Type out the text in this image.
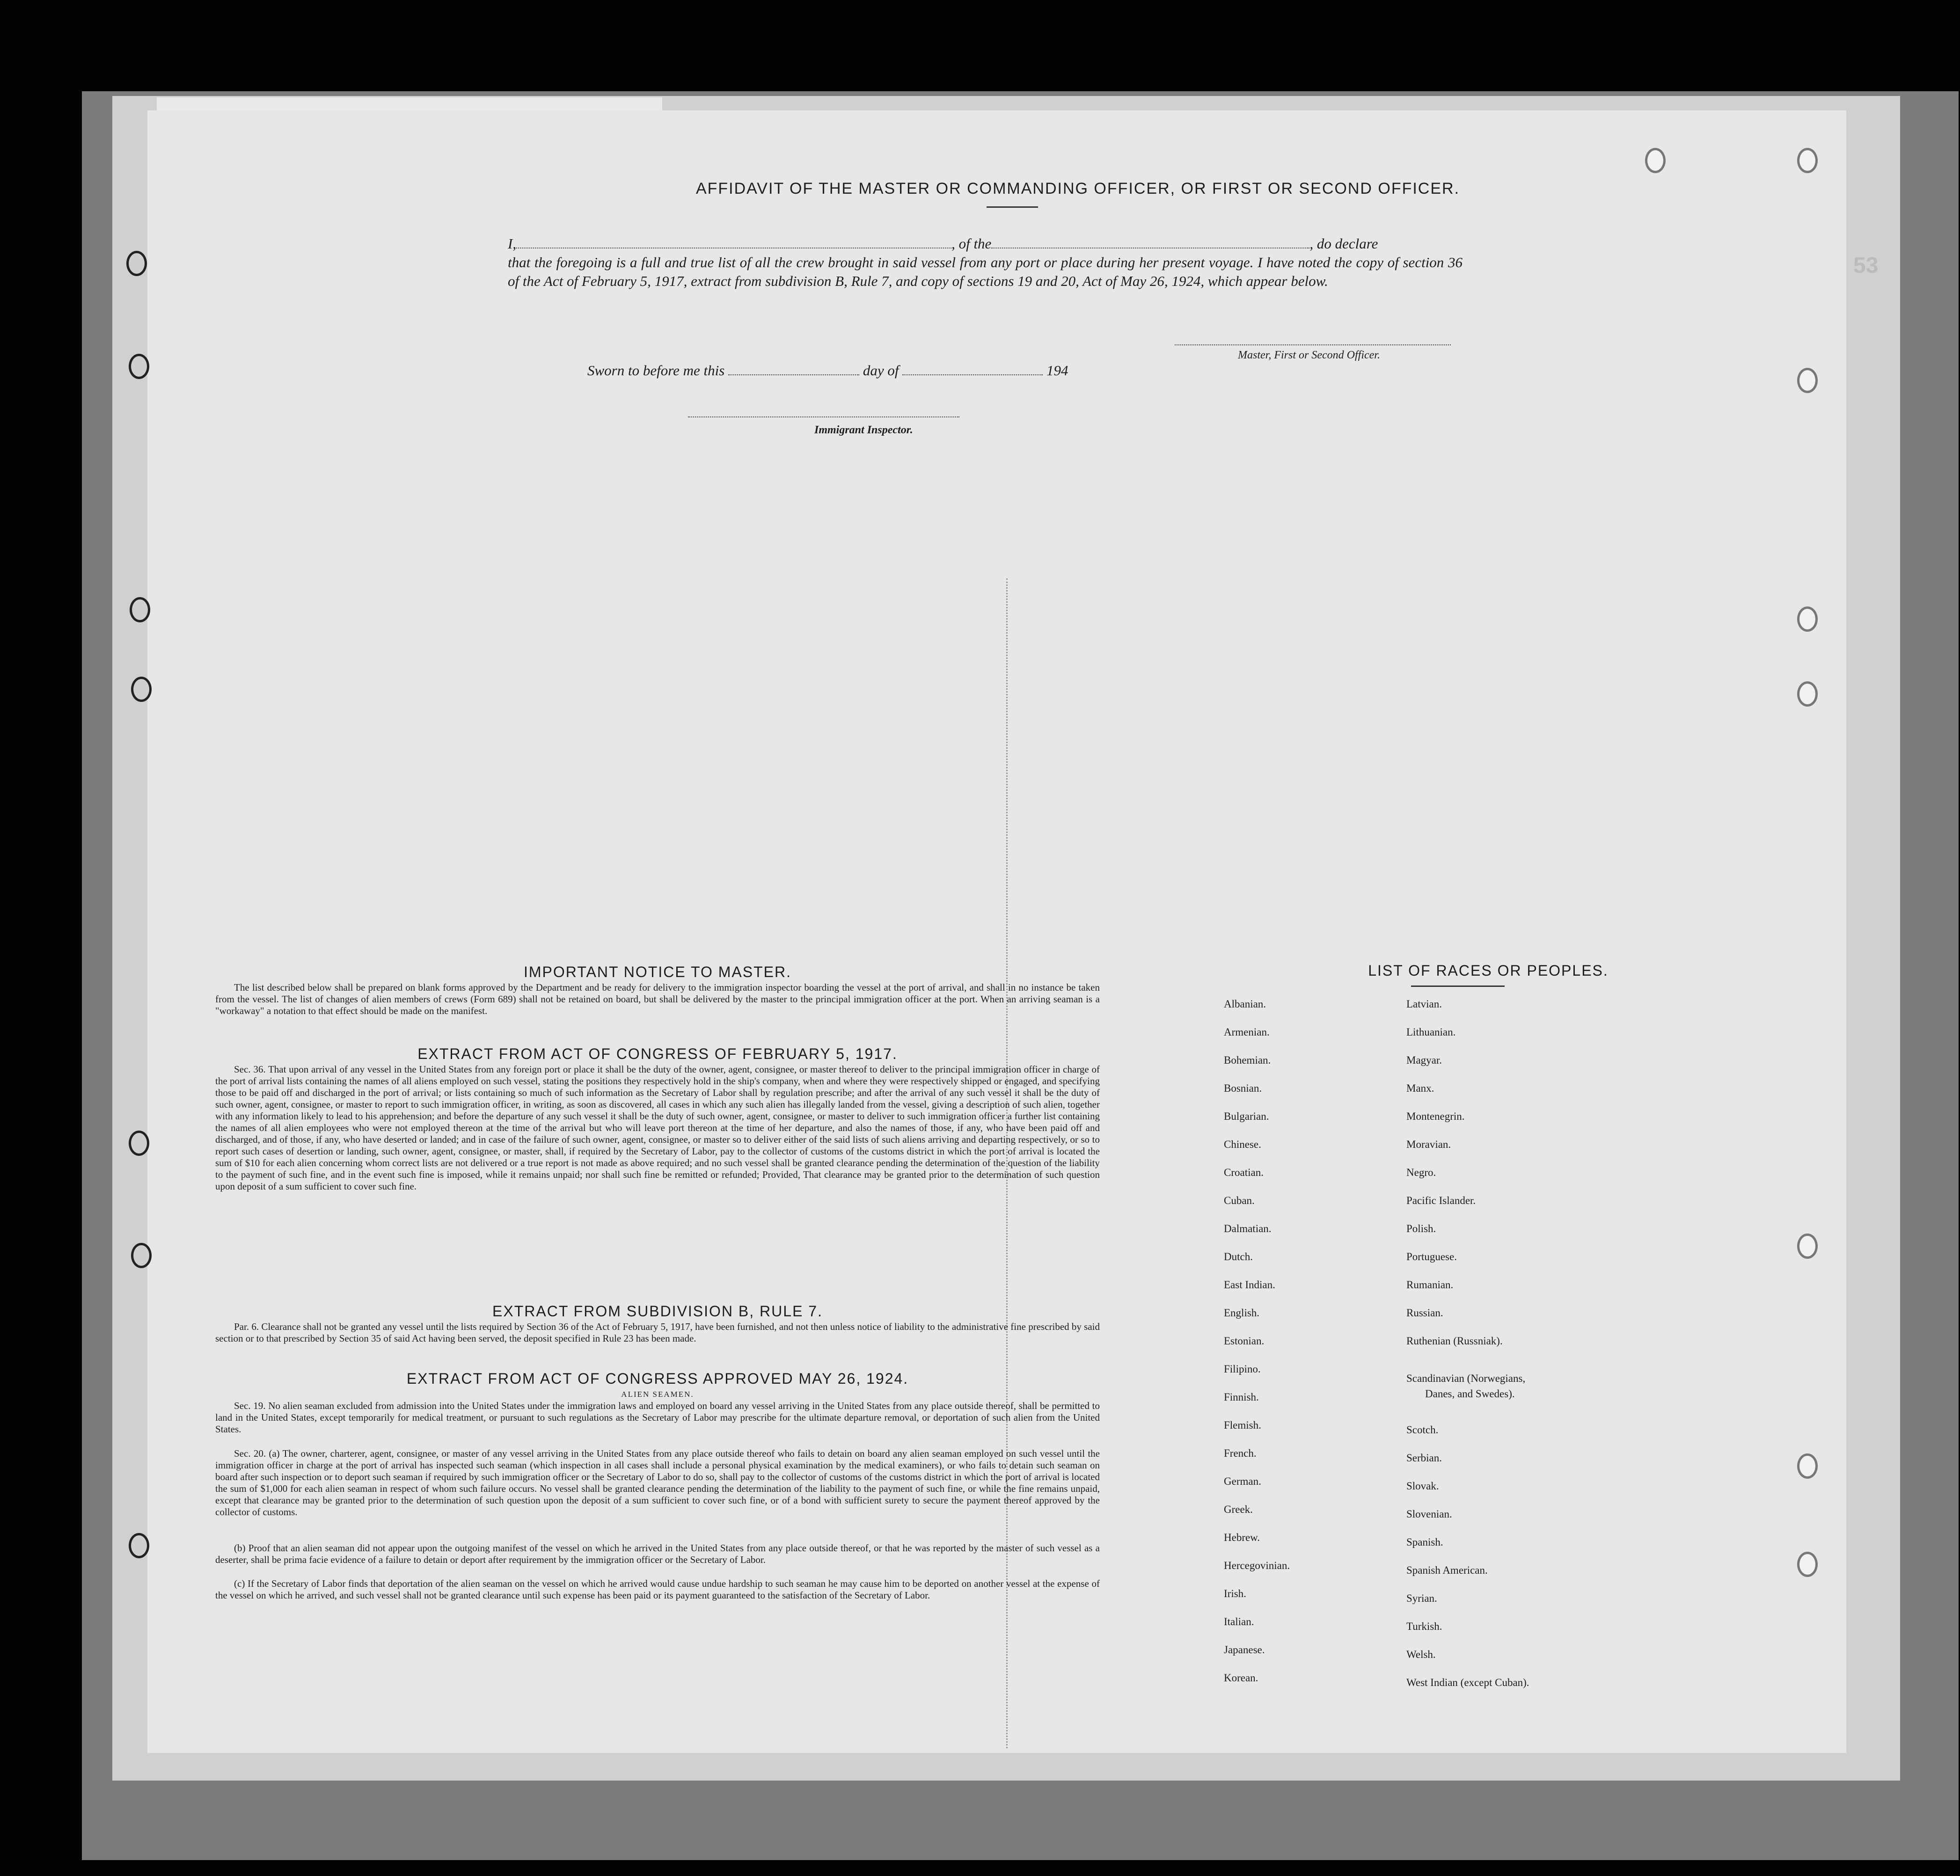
53
AFFIDAVIT OF THE MASTER OR COMMANDING OFFICER, OR FIRST OR SECOND OFFICER.
I,	, of the	, do declare
that the foregoing is a full and true list of all the crew brought in said vessel from any port or place during her present voyage. I have noted the copy of section 36 of the Act of February 5, 1917, extract from subdivision B, Rule 7, and copy of sections 19 and 20, Act of May 26, 1924, which appear below.
Master, First or Second Officer.
Sworn to before me this	day of	194
Immigrant Inspector.
IMPORTANT NOTICE TO MASTER.
The list described below shall be prepared on blank forms approved by the Department and be ready for delivery to the immigration inspector boarding the vessel at the port of arrival, and shall in no instance be taken from the vessel. The list of changes of alien members of crews (Form 689) shall not be retained on board, but shall be delivered by the master to the principal immigration officer at the port. When an arriving seaman is a "workaway" a notation to that effect should be made on the manifest.
EXTRACT FROM ACT OF CONGRESS OF FEBRUARY 5, 1917.
Sec. 36. That upon arrival of any vessel in the United States from any foreign port or place it shall be the duty of the owner, agent, consignee, or master thereof to deliver to the principal immigration officer in charge of the port of arrival lists containing the names of all aliens employed on such vessel, stating the positions they respectively hold in the ship's company, when and where they were respectively shipped or engaged, and specifying those to be paid off and discharged in the port of arrival; or lists containing so much of such information as the Secretary of Labor shall by regulation prescribe; and after the arrival of any such vessel it shall be the duty of such owner, agent, consignee, or master to report to such immigration officer, in writing, as soon as discovered, all cases in which any such alien has illegally landed from the vessel, giving a description of such alien, together with any information likely to lead to his apprehension; and before the departure of any such vessel it shall be the duty of such owner, agent, consignee, or master to deliver to such immigration officer a further list containing the names of all alien employees who were not employed thereon at the time of the arrival but who will leave port thereon at the time of her departure, and also the names of those, if any, who have been paid off and discharged, and of those, if any, who have deserted or landed; and in case of the failure of such owner, agent, consignee, or master so to deliver either of the said lists of such aliens arriving and departing respectively, or so to report such cases of desertion or landing, such owner, agent, consignee, or master, shall, if required by the Secretary of Labor, pay to the collector of customs of the customs district in which the port of arrival is located the sum of $10 for each alien concerning whom correct lists are not delivered or a true report is not made as above required; and no such vessel shall be granted clearance pending the determination of the question of the liability to the payment of such fine, and in the event such fine is imposed, while it remains unpaid; nor shall such fine be remitted or refunded; Provided, That clearance may be granted prior to the determination of such question upon deposit of a sum sufficient to cover such fine.
EXTRACT FROM SUBDIVISION B, RULE 7.
Par. 6. Clearance shall not be granted any vessel until the lists required by Section 36 of the Act of February 5, 1917, have been furnished, and not then unless notice of liability to the administrative fine prescribed by said section or to that prescribed by Section 35 of said Act having been served, the deposit specified in Rule 23 has been made.
EXTRACT FROM ACT OF CONGRESS APPROVED MAY 26, 1924.
ALIEN SEAMEN.
Sec. 19. No alien seaman excluded from admission into the United States under the immigration laws and employed on board any vessel arriving in the United States from any place outside thereof, shall be permitted to land in the United States, except temporarily for medical treatment, or pursuant to such regulations as the Secretary of Labor may prescribe for the ultimate departure removal, or deportation of such alien from the United States.
Sec. 20. (a) The owner, charterer, agent, consignee, or master of any vessel arriving in the United States from any place outside thereof who fails to detain on board any alien seaman employed on such vessel until the immigration officer in charge at the port of arrival has inspected such seaman (which inspection in all cases shall include a personal physical examination by the medical examiners), or who fails to detain such seaman on board after such inspection or to deport such seaman if required by such immigration officer or the Secretary of Labor to do so, shall pay to the collector of customs of the customs district in which the port of arrival is located the sum of $1,000 for each alien seaman in respect of whom such failure occurs. No vessel shall be granted clearance pending the determination of the liability to the payment of such fine, or while the fine remains unpaid, except that clearance may be granted prior to the determination of such question upon the deposit of a sum sufficient to cover such fine, or of a bond with sufficient surety to secure the payment thereof approved by the collector of customs.
(b) Proof that an alien seaman did not appear upon the outgoing manifest of the vessel on which he arrived in the United States from any place outside thereof, or that he was reported by the master of such vessel as a deserter, shall be prima facie evidence of a failure to detain or deport after requirement by the immigration officer or the Secretary of Labor.
(c) If the Secretary of Labor finds that deportation of the alien seaman on the vessel on which he arrived would cause undue hardship to such seaman he may cause him to be deported on another vessel at the expense of the vessel on which he arrived, and such vessel shall not be granted clearance until such expense has been paid or its payment guaranteed to the satisfaction of the Secretary of Labor.
LIST OF RACES OR PEOPLES.
Albanian.
Armenian.
Bohemian.
Bosnian.
Bulgarian.
Chinese.
Croatian.
Cuban.
Dalmatian.
Dutch.
East Indian.
English.
Estonian.
Filipino.
Finnish.
Flemish.
French.
German.
Greek.
Hebrew.
Hercegovinian.
Irish.
Italian.
Japanese.
Korean.
Latvian.
Lithuanian.
Magyar.
Manx.
Montenegrin.
Moravian.
Negro.
Pacific Islander.
Polish.
Portuguese.
Rumanian.
Russian.
Ruthenian (Russniak).
Scandinavian (Norwegians,
Danes, and Swedes).
Scotch.
Serbian.
Slovak.
Slovenian.
Spanish.
Spanish American.
Syrian.
Turkish.
Welsh.
West Indian (except Cuban).
